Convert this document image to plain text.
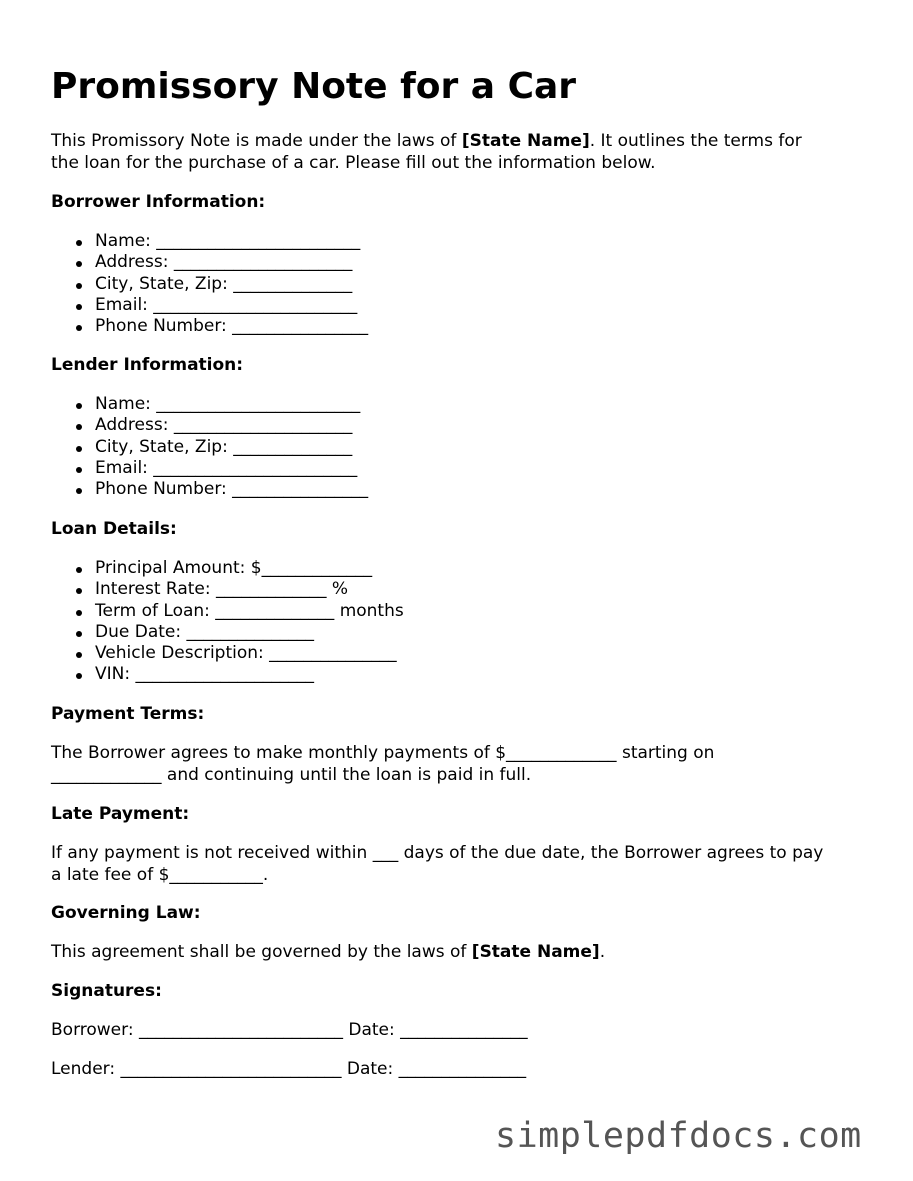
Promissory Note for a Car
This Promissory Note is made under the laws of [State Name]. It outlines the terms for
the loan for the purchase of a car. Please fill out the information below.
Borrower Information:
Name: ________________________
Address: _____________________
City, State, Zip: ______________
Email: ________________________
Phone Number: ________________
Lender Information:
Name: ________________________
Address: _____________________
City, State, Zip: ______________
Email: ________________________
Phone Number: ________________
Loan Details:
Principal Amount: $_____________
Interest Rate: _____________ %
Term of Loan: ______________ months
Due Date: _______________
Vehicle Description: _______________
VIN: _____________________
Payment Terms:
The Borrower agrees to make monthly payments of $_____________ starting on
_____________ and continuing until the loan is paid in full.
Late Payment:
If any payment is not received within ___ days of the due date, the Borrower agrees to pay
a late fee of $___________.
Governing Law:
This agreement shall be governed by the laws of [State Name].
Signatures:
Borrower: ________________________ Date: _______________
Lender: __________________________ Date: _______________
simplepdfdocs.com
